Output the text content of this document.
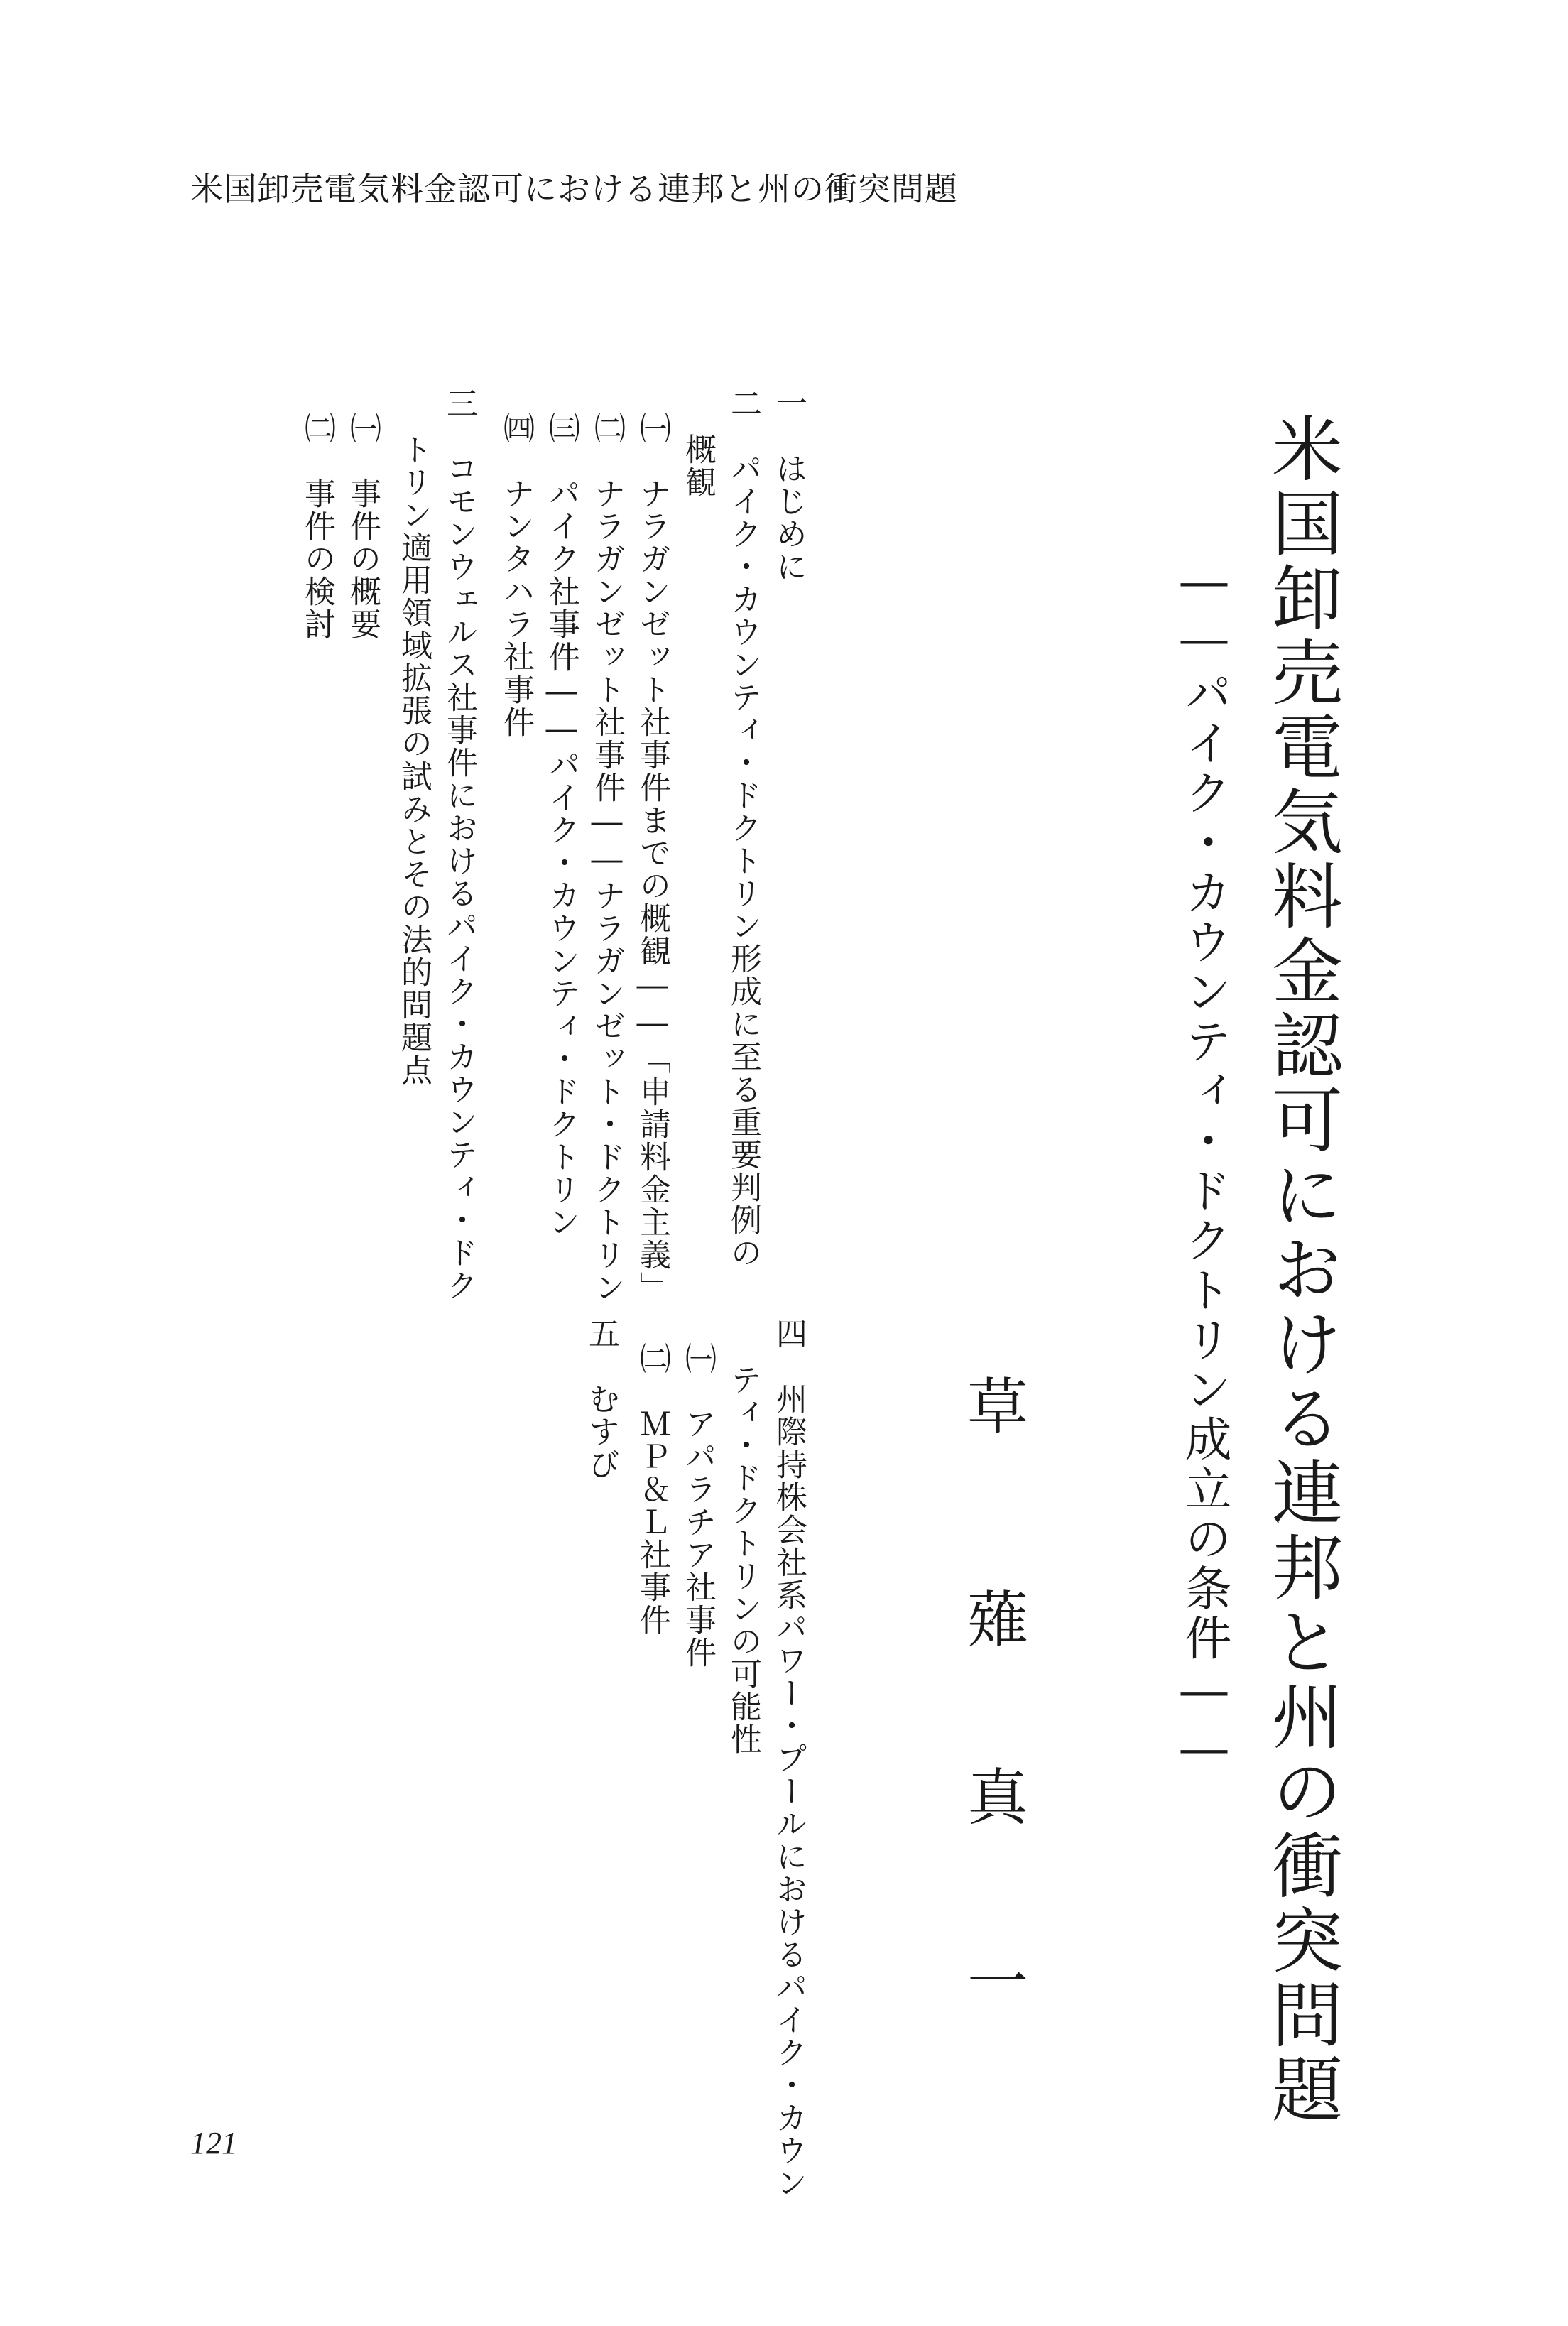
米国卸売電気料金認可における連邦と州の衝突問題
米国卸売電気料金認可における連邦と州の衝突問題
――パイク・カウンティ・ドクトリン成立の条件――
草
薙
真
一
一　はじめに
二　パイク・カウンティ・ドクトリン形成に至る重要判例の
概観
㈠　ナラガンゼット社事件までの概観――「申請料金主義」
㈡　ナラガンゼット社事件――ナラガンゼット・ドクトリン
㈢　パイク社事件――パイク・カウンティ・ドクトリン
㈣　ナンタハラ社事件
三　コモンウェルス社事件におけるパイク・カウンティ・ドク
トリン適用領域拡張の試みとその法的問題点
㈠　事件の概要
㈡　事件の検討
四　州際持株会社系パワー・プールにおけるパイク・カウン
ティ・ドクトリンの可能性
㈠　アパラチア社事件
㈡　ＭＰ＆Ｌ社事件
五　むすび
121
